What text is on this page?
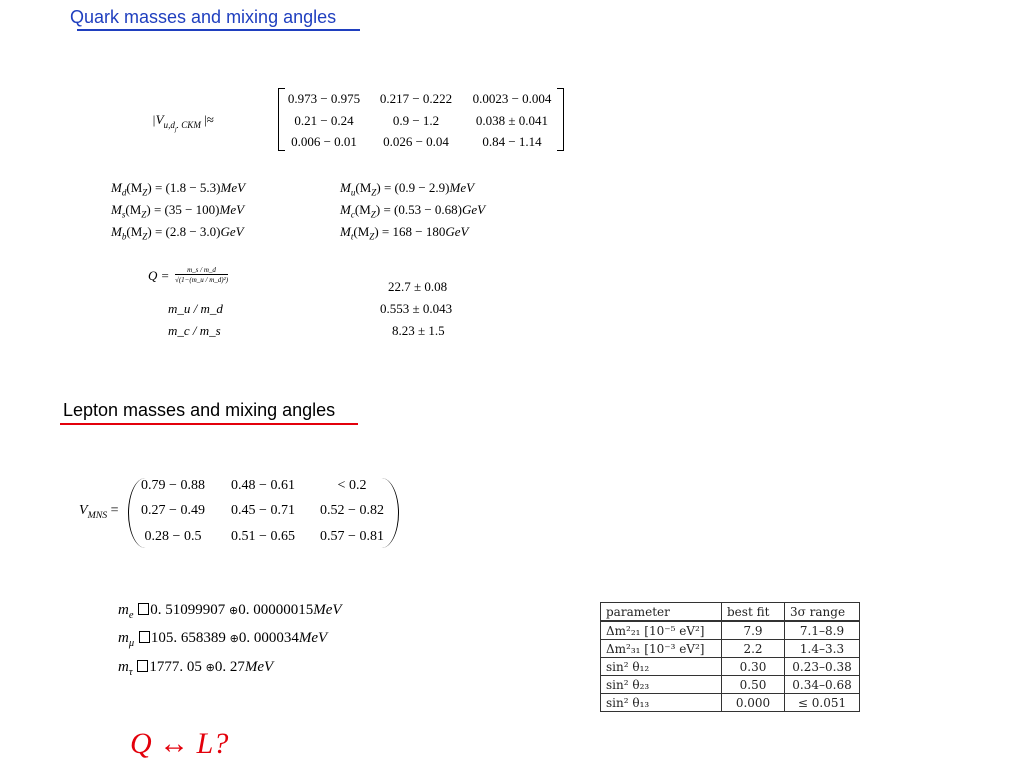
Quark masses and mixing angles
$|V_{u,d_j. CKM}$ |≈
0.973 − 0.975	0.217 − 0.222	0.0023 − 0.004
0.21 − 0.24	0.9 − 1.2	0.038 ± 0.041
0.006 − 0.01	0.026 − 0.04	0.84 − 1.14
$M_d(M_Z) = (1.8 - 5.3)MeV$
$M_s(M_Z) = (35 - 100)MeV$
$M_b(M_Z) = (2.8 - 3.0)GeV$
$M_u(M_Z) = (0.9 - 2.9)MeV$
$M_c(M_Z) = (0.53 - 0.68)GeV$
$M_t(M_Z) = 168 - 180GeV$
Q =	m_s / m_d
√(1−(m_u / m_d)²)	22.7 ± 0.08
m_u / m_d	0.553 ± 0.043
m_c / m_s	8.23 ± 1.5
Lepton masses and mixing angles
$V_{MNS}$ =
0.79 − 0.88	0.48 − 0.61	< 0.2
0.27 − 0.49	0.45 − 0.71	0.52 − 0.82
0.28 − 0.5	0.51 − 0.65	0.57 − 0.81
$m_e$ 0. 51099907 ⊕0. 00000015MeV
$m_\mu$ 105. 658389 ⊕0. 000034MeV
$m_\tau$ 1777. 05 ⊕0. 27MeV
parameter	best fit	3σ range
Δm²₂₁ [10⁻⁵ eV²]	7.9	7.1–8.9
Δm²₃₁ [10⁻³ eV²]	2.2	1.4–3.3
sin² θ₁₂	0.30	0.23–0.38
sin² θ₂₃	0.50	0.34–0.68
sin² θ₁₃	0.000	≤ 0.051
Q ↔ L?
